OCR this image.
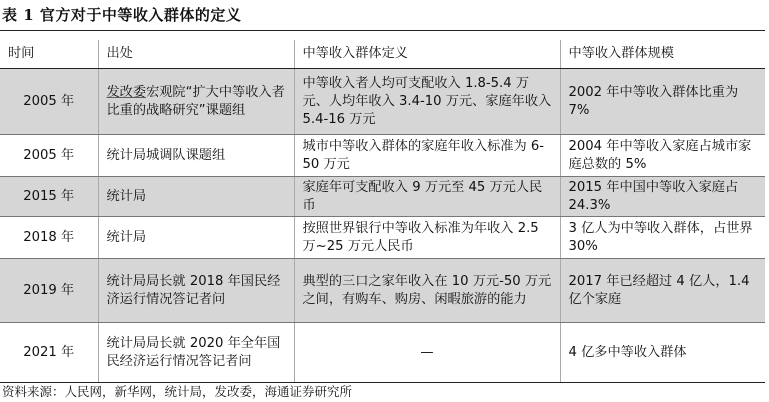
表 1 官方对于中等收入群体的定义
时间	出处	中等收入群体定义	中等收入群体规模
2005 年	发改委宏观院“扩大中等收入者比重的战略研究”课题组	中等收入者人均可支配收入 1.8-5.4 万元、人均年收入 3.4-10 万元、家庭年收入 5.4-16 万元	2002 年中等收入群体比重为 7%
2005 年	统计局城调队课题组	城市中等收入群体的家庭年收入标准为 6-50 万元	2004 年中等收入家庭占城市家庭总数的 5%
2015 年	统计局	家庭年可支配收入 9 万元至 45 万元人民币	2015 年中国中等收入家庭占 24.3%
2018 年	统计局	按照世界银行中等收入标准为年收入 2.5 万~25 万元人民币	3 亿人为中等收入群体，占世界 30%
2019 年	统计局局长就 2018 年国民经济运行情况答记者问	典型的三口之家年收入在 10 万元-50 万元之间，有购车、购房、闲暇旅游的能力	2017 年已经超过 4 亿人，1.4 亿个家庭
2021 年	统计局局长就 2020 年全年国民经济运行情况答记者问	—	4 亿多中等收入群体
资料来源：人民网，新华网，统计局，发改委，海通证券研究所
